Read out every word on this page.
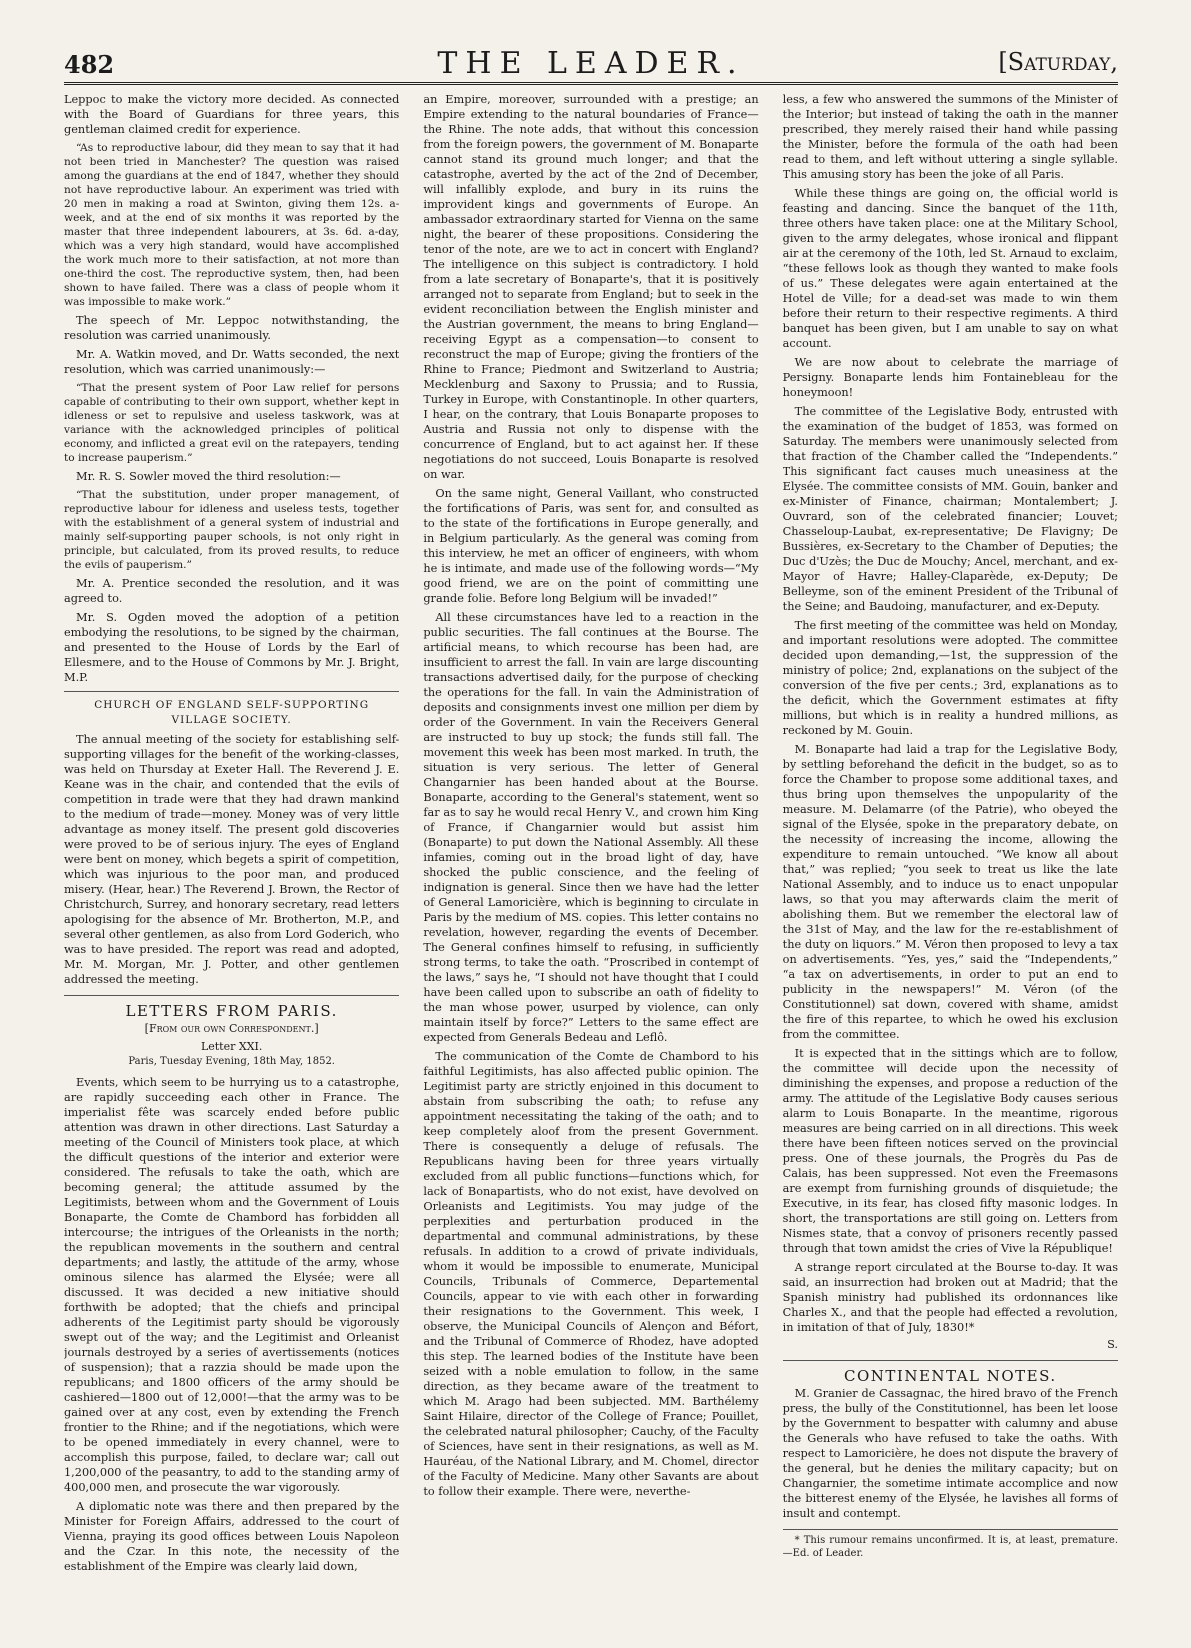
482	THE LEADER.	[Saturday,

Leppoc to make the victory more decided. As connected with the Board of Guardians for three years, this gentleman claimed credit for experience.

“As to reproductive labour, did they mean to say that it had not been tried in Manchester? The question was raised among the guardians at the end of 1847, whether they should not have reproductive labour. An experiment was tried with 20 men in making a road at Swinton, giving them 12s. a-week, and at the end of six months it was reported by the master that three independent labourers, at 3s. 6d. a-day, which was a very high standard, would have accomplished the work much more to their satisfaction, at not more than one-third the cost. The reproductive system, then, had been shown to have failed. There was a class of people whom it was impossible to make work.”

The speech of Mr. Leppoc notwithstanding, the resolution was carried unanimously.

Mr. A. Watkin moved, and Dr. Watts seconded, the next resolution, which was carried unanimously:—

“That the present system of Poor Law relief for persons capable of contributing to their own support, whether kept in idleness or set to repulsive and useless taskwork, was at variance with the acknowledged principles of political economy, and inflicted a great evil on the ratepayers, tending to increase pauperism.”

Mr. R. S. Sowler moved the third resolution:—

“That the substitution, under proper management, of reproductive labour for idleness and useless tests, together with the establishment of a general system of industrial and mainly self-supporting pauper schools, is not only right in principle, but calculated, from its proved results, to reduce the evils of pauperism.”

Mr. A. Prentice seconded the resolution, and it was agreed to.

Mr. S. Ogden moved the adoption of a petition embodying the resolutions, to be signed by the chairman, and presented to the House of Lords by the Earl of Ellesmere, and to the House of Commons by Mr. J. Bright, M.P.

CHURCH OF ENGLAND SELF-SUPPORTING VILLAGE SOCIETY.

The annual meeting of the society for establishing self-supporting villages for the benefit of the working-classes, was held on Thursday at Exeter Hall. The Reverend J. E. Keane was in the chair, and contended that the evils of competition in trade were that they had drawn mankind to the medium of trade—money. Money was of very little advantage as money itself. The present gold discoveries were proved to be of serious injury. The eyes of England were bent on money, which begets a spirit of competition, which was injurious to the poor man, and produced misery. (Hear, hear.) The Reverend J. Brown, the Rector of Christchurch, Surrey, and honorary secretary, read letters apologising for the absence of Mr. Brotherton, M.P., and several other gentlemen, as also from Lord Goderich, who was to have presided. The report was read and adopted, Mr. M. Morgan, Mr. J. Potter, and other gentlemen addressed the meeting.

LETTERS FROM PARIS.
[From our own Correspondent.]
Letter XXI.
Paris, Tuesday Evening, 18th May, 1852.

Events, which seem to be hurrying us to a catastrophe, are rapidly succeeding each other in France. The imperialist fête was scarcely ended before public attention was drawn in other directions. Last Saturday a meeting of the Council of Ministers took place, at which the difficult questions of the interior and exterior were considered. The refusals to take the oath, which are becoming general; the attitude assumed by the Legitimists, between whom and the Government of Louis Bonaparte, the Comte de Chambord has forbidden all intercourse; the intrigues of the Orleanists in the north; the republican movements in the southern and central departments; and lastly, the attitude of the army, whose ominous silence has alarmed the Elysée; were all discussed. It was decided a new initiative should forthwith be adopted; that the chiefs and principal adherents of the Legitimist party should be vigorously swept out of the way; and the Legitimist and Orleanist journals destroyed by a series of avertissements (notices of suspension); that a razzia should be made upon the republicans; and 1800 officers of the army should be cashiered—1800 out of 12,000!—that the army was to be gained over at any cost, even by extending the French frontier to the Rhine; and if the negotiations, which were to be opened immediately in every channel, were to accomplish this purpose, failed, to declare war; call out 1,200,000 of the peasantry, to add to the standing army of 400,000 men, and prosecute the war vigorously.

A diplomatic note was there and then prepared by the Minister for Foreign Affairs, addressed to the court of Vienna, praying its good offices between Louis Napoleon and the Czar. In this note, the necessity of the establishment of the Empire was clearly laid down,

an Empire, moreover, surrounded with a prestige; an Empire extending to the natural boundaries of France—the Rhine. The note adds, that without this concession from the foreign powers, the government of M. Bonaparte cannot stand its ground much longer; and that the catastrophe, averted by the act of the 2nd of December, will infallibly explode, and bury in its ruins the improvident kings and governments of Europe. An ambassador extraordinary started for Vienna on the same night, the bearer of these propositions. Considering the tenor of the note, are we to act in concert with England? The intelligence on this subject is contradictory. I hold from a late secretary of Bonaparte's, that it is positively arranged not to separate from England; but to seek in the evident reconciliation between the English minister and the Austrian government, the means to bring England—receiving Egypt as a compensation—to consent to reconstruct the map of Europe; giving the frontiers of the Rhine to France; Piedmont and Switzerland to Austria; Mecklenburg and Saxony to Prussia; and to Russia, Turkey in Europe, with Constantinople. In other quarters, I hear, on the contrary, that Louis Bonaparte proposes to Austria and Russia not only to dispense with the concurrence of England, but to act against her. If these negotiations do not succeed, Louis Bonaparte is resolved on war.

On the same night, General Vaillant, who constructed the fortifications of Paris, was sent for, and consulted as to the state of the fortifications in Europe generally, and in Belgium particularly. As the general was coming from this interview, he met an officer of engineers, with whom he is intimate, and made use of the following words—“My good friend, we are on the point of committing une grande folie. Before long Belgium will be invaded!”

All these circumstances have led to a reaction in the public securities. The fall continues at the Bourse. The artificial means, to which recourse has been had, are insufficient to arrest the fall. In vain are large discounting transactions advertised daily, for the purpose of checking the operations for the fall. In vain the Administration of deposits and consignments invest one million per diem by order of the Government. In vain the Receivers General are instructed to buy up stock; the funds still fall. The movement this week has been most marked. In truth, the situation is very serious. The letter of General Changarnier has been handed about at the Bourse. Bonaparte, according to the General's statement, went so far as to say he would recal Henry V., and crown him King of France, if Changarnier would but assist him (Bonaparte) to put down the National Assembly. All these infamies, coming out in the broad light of day, have shocked the public conscience, and the feeling of indignation is general. Since then we have had the letter of General Lamoricière, which is beginning to circulate in Paris by the medium of MS. copies. This letter contains no revelation, however, regarding the events of December. The General confines himself to refusing, in sufficiently strong terms, to take the oath. “Proscribed in contempt of the laws,” says he, “I should not have thought that I could have been called upon to subscribe an oath of fidelity to the man whose power, usurped by violence, can only maintain itself by force?” Letters to the same effect are expected from Generals Bedeau and Leflô.

The communication of the Comte de Chambord to his faithful Legitimists, has also affected public opinion. The Legitimist party are strictly enjoined in this document to abstain from subscribing the oath; to refuse any appointment necessitating the taking of the oath; and to keep completely aloof from the present Government. There is consequently a deluge of refusals. The Republicans having been for three years virtually excluded from all public functions—functions which, for lack of Bonapartists, who do not exist, have devolved on Orleanists and Legitimists. You may judge of the perplexities and perturbation produced in the departmental and communal administrations, by these refusals. In addition to a crowd of private individuals, whom it would be impossible to enumerate, Municipal Councils, Tribunals of Commerce, Departemental Councils, appear to vie with each other in forwarding their resignations to the Government. This week, I observe, the Municipal Councils of Alençon and Béfort, and the Tribunal of Commerce of Rhodez, have adopted this step. The learned bodies of the Institute have been seized with a noble emulation to follow, in the same direction, as they became aware of the treatment to which M. Arago had been subjected. MM. Barthélemy Saint Hilaire, director of the College of France; Pouillet, the celebrated natural philosopher; Cauchy, of the Faculty of Sciences, have sent in their resignations, as well as M. Hauréau, of the National Library, and M. Chomel, director of the Faculty of Medicine. Many other Savants are about to follow their example. There were, neverthe-

less, a few who answered the summons of the Minister of the Interior; but instead of taking the oath in the manner prescribed, they merely raised their hand while passing the Minister, before the formula of the oath had been read to them, and left without uttering a single syllable. This amusing story has been the joke of all Paris.

While these things are going on, the official world is feasting and dancing. Since the banquet of the 11th, three others have taken place: one at the Military School, given to the army delegates, whose ironical and flippant air at the ceremony of the 10th, led St. Arnaud to exclaim, “these fellows look as though they wanted to make fools of us.” These delegates were again entertained at the Hotel de Ville; for a dead-set was made to win them before their return to their respective regiments. A third banquet has been given, but I am unable to say on what account.

We are now about to celebrate the marriage of Persigny. Bonaparte lends him Fontainebleau for the honeymoon!

The committee of the Legislative Body, entrusted with the examination of the budget of 1853, was formed on Saturday. The members were unanimously selected from that fraction of the Chamber called the “Independents.” This significant fact causes much uneasiness at the Elysée. The committee consists of MM. Gouin, banker and ex-Minister of Finance, chairman; Montalembert; J. Ouvrard, son of the celebrated financier; Louvet; Chasseloup-Laubat, ex-representative; De Flavigny; De Bussières, ex-Secretary to the Chamber of Deputies; the Duc d'Uzès; the Duc de Mouchy; Ancel, merchant, and ex-Mayor of Havre; Halley-Claparède, ex-Deputy; De Belleyme, son of the eminent President of the Tribunal of the Seine; and Baudoing, manufacturer, and ex-Deputy.

The first meeting of the committee was held on Monday, and important resolutions were adopted. The committee decided upon demanding,—1st, the suppression of the ministry of police; 2nd, explanations on the subject of the conversion of the five per cents.; 3rd, explanations as to the deficit, which the Government estimates at fifty millions, but which is in reality a hundred millions, as reckoned by M. Gouin.

M. Bonaparte had laid a trap for the Legislative Body, by settling beforehand the deficit in the budget, so as to force the Chamber to propose some additional taxes, and thus bring upon themselves the unpopularity of the measure. M. Delamarre (of the Patrie), who obeyed the signal of the Elysée, spoke in the preparatory debate, on the necessity of increasing the income, allowing the expenditure to remain untouched. “We know all about that,” was replied; “you seek to treat us like the late National Assembly, and to induce us to enact unpopular laws, so that you may afterwards claim the merit of abolishing them. But we remember the electoral law of the 31st of May, and the law for the re-establishment of the duty on liquors.” M. Véron then proposed to levy a tax on advertisements. “Yes, yes,” said the “Independents,” “a tax on advertisements, in order to put an end to publicity in the newspapers!” M. Véron (of the Constitutionnel) sat down, covered with shame, amidst the fire of this repartee, to which he owed his exclusion from the committee.

It is expected that in the sittings which are to follow, the committee will decide upon the necessity of diminishing the expenses, and propose a reduction of the army. The attitude of the Legislative Body causes serious alarm to Louis Bonaparte. In the meantime, rigorous measures are being carried on in all directions. This week there have been fifteen notices served on the provincial press. One of these journals, the Progrès du Pas de Calais, has been suppressed. Not even the Freemasons are exempt from furnishing grounds of disquietude; the Executive, in its fear, has closed fifty masonic lodges. In short, the transportations are still going on. Letters from Nismes state, that a convoy of prisoners recently passed through that town amidst the cries of Vive la République!

A strange report circulated at the Bourse to-day. It was said, an insurrection had broken out at Madrid; that the Spanish ministry had published its ordonnances like Charles X., and that the people had effected a revolution, in imitation of that of July, 1830!*

S.
CONTINENTAL NOTES.

M. Granier de Cassagnac, the hired bravo of the French press, the bully of the Constitutionnel, has been let loose by the Government to bespatter with calumny and abuse the Generals who have refused to take the oaths. With respect to Lamoricière, he does not dispute the bravery of the general, but he denies the military capacity; but on Changarnier, the sometime intimate accomplice and now the bitterest enemy of the Elysée, he lavishes all forms of insult and contempt.

* This rumour remains unconfirmed. It is, at least, premature.—Ed. of Leader.
